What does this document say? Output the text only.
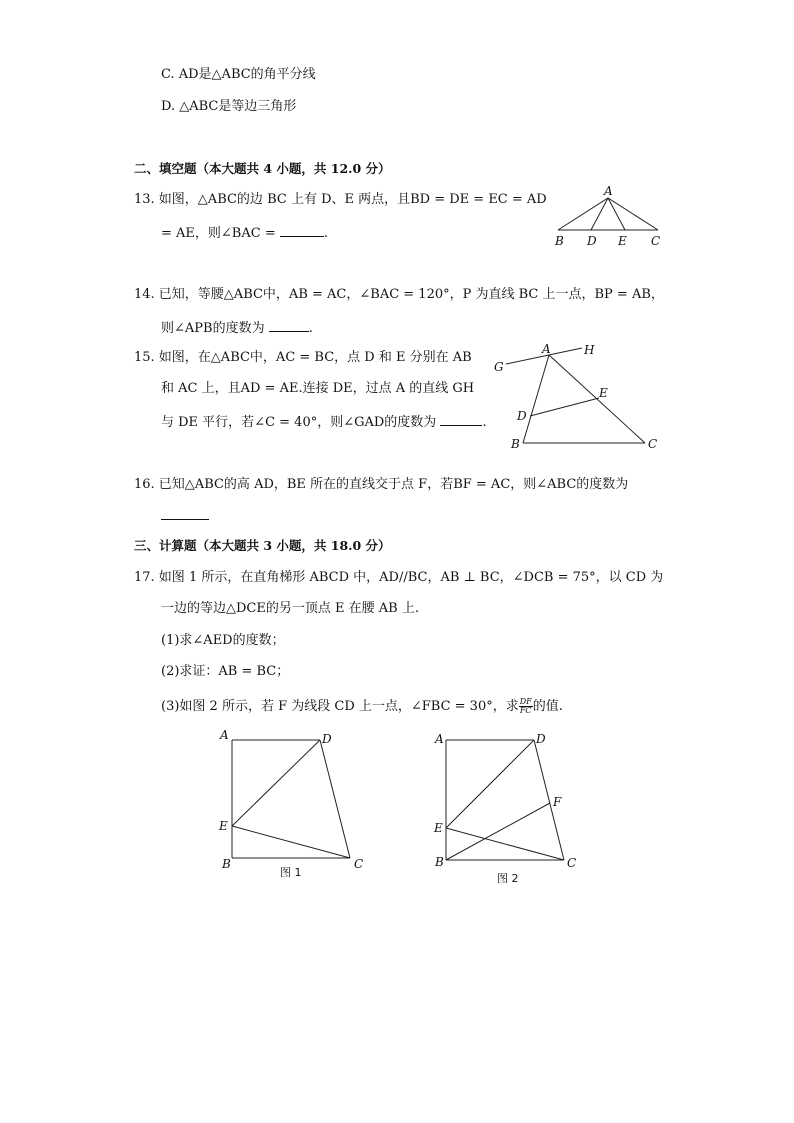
C. AD是△ABC的角平分线
D. △ABC是等边三角形
二、填空题（本大题共 4 小题，共 12.0 分）
13. 如图，△ABC的边 BC 上有 D、E 两点，且BD = DE = EC = AD
= AE，则∠BAC =	.
A
B D E C
14. 已知，等腰△ABC中，AB = AC，∠BAC = 120°，P 为直线 BC 上一点，BP = AB，
则∠APB的度数为	.
15. 如图，在△ABC中，AC = BC，点 D 和 E 分别在 AB
和 AC 上，且AD = AE.连接 DE，过点 A 的直线 GH
与 DE 平行，若∠C = 40°，则∠GAD的度数为	.
G
A	H
E
D
B	C
16. 已知△ABC的高 AD，BE 所在的直线交于点 F，若BF = AC，则∠ABC的度数为
三、计算题（本大题共 3 小题，共 18.0 分）
17. 如图 1 所示，在直角梯形 ABCD 中，AD//BC，AB ⊥ BC，∠DCB = 75°，以 CD 为
一边的等边△DCE的另一顶点 E 在腰 AB 上.
(1)求∠AED的度数；
(2)求证：AB = BC；
(3)如图 2 所示，若 F 为线段 CD 上一点，∠FBC = 30°，求 $\frac{DF}{FC}$ 的值.
A	D
E
B	C
图 1
A	D
F
E
B	C
图 2
